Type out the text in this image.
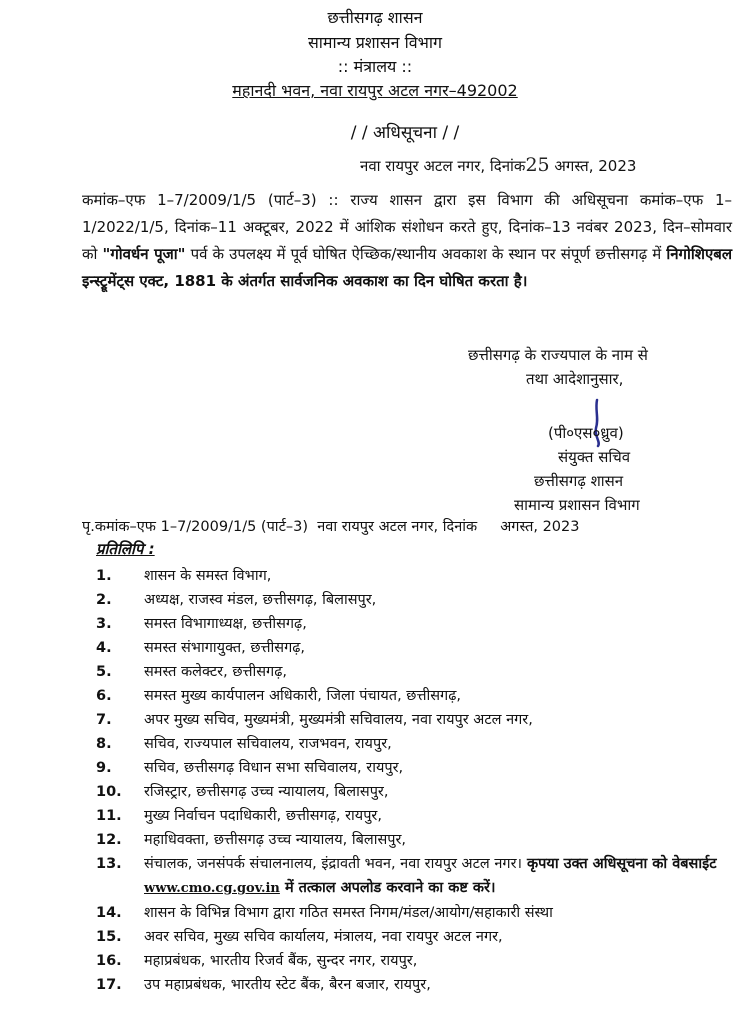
छत्तीसगढ़ शासन
सामान्य प्रशासन विभाग
:: मंत्रालय ::
महानदी भवन, नवा रायपुर अटल नगर–492002
/ / अधिसूचना / /
नवा रायपुर अटल नगर, दिनांक25 अगस्त, 2023
कमांक–एफ 1–7/2009/1/5 (पार्ट–3) :: राज्य शासन द्वारा इस विभाग की अधिसूचना कमांक–एफ 1–1/2022/1/5, दिनांक–11 अक्टूबर, 2022 में आंशिक संशोधन करते हुए, दिनांक–13 नवंबर 2023, दिन–सोमवार को "गोवर्धन पूजा" पर्व के उपलक्ष्य में पूर्व घोषित ऐच्छिक/स्थानीय अवकाश के स्थान पर संपूर्ण छत्तीसगढ़ में निगोशिएबल इन्स्ट्रूमेंट्स एक्ट, 1881 के अंतर्गत सार्वजनिक अवकाश का दिन घोषित करता है।
छत्तीसगढ़ के राज्यपाल के नाम से
तथा आदेशानुसार,
(पी०एस०ध्रुव)
संयुक्त सचिव
छत्तीसगढ़ शासन
सामान्य प्रशासन विभाग
पृ.कमांक–एफ 1–7/2009/1/5 (पार्ट–3) नवा रायपुर अटल नगर, दिनांक अगस्त, 2023
प्रतिलिपि :
1.	शासन के समस्त विभाग,
2.	अध्यक्ष, राजस्व मंडल, छत्तीसगढ़, बिलासपुर,
3.	समस्त विभागाध्यक्ष, छत्तीसगढ़,
4.	समस्त संभागायुक्त, छत्तीसगढ़,
5.	समस्त कलेक्टर, छत्तीसगढ़,
6.	समस्त मुख्य कार्यपालन अधिकारी, जिला पंचायत, छत्तीसगढ़,
7.	अपर मुख्य सचिव, मुख्यमंत्री, मुख्यमंत्री सचिवालय, नवा रायपुर अटल नगर,
8.	सचिव, राज्यपाल सचिवालय, राजभवन, रायपुर,
9.	सचिव, छत्तीसगढ़ विधान सभा सचिवालय, रायपुर,
10.	रजिस्ट्रार, छत्तीसगढ़ उच्च न्यायालय, बिलासपुर,
11.	मुख्य निर्वाचन पदाधिकारी, छत्तीसगढ़, रायपुर,
12.	महाधिवक्ता, छत्तीसगढ़ उच्च न्यायालय, बिलासपुर,
13.	संचालक, जनसंपर्क संचालनालय, इंद्रावती भवन, नवा रायपुर अटल नगर। कृपया उक्त अधिसूचना को वेबसाईट www.cmo.cg.gov.in में तत्काल अपलोड करवाने का कष्ट करें।
14.	शासन के विभिन्न विभाग द्वारा गठित समस्त निगम/मंडल/आयोग/सहाकारी संस्था
15.	अवर सचिव, मुख्य सचिव कार्यालय, मंत्रालय, नवा रायपुर अटल नगर,
16.	महाप्रबंधक, भारतीय रिजर्व बैंक, सुन्दर नगर, रायपुर,
17.	उप महाप्रबंधक, भारतीय स्टेट बैंक, बैरन बजार, रायपुर,
